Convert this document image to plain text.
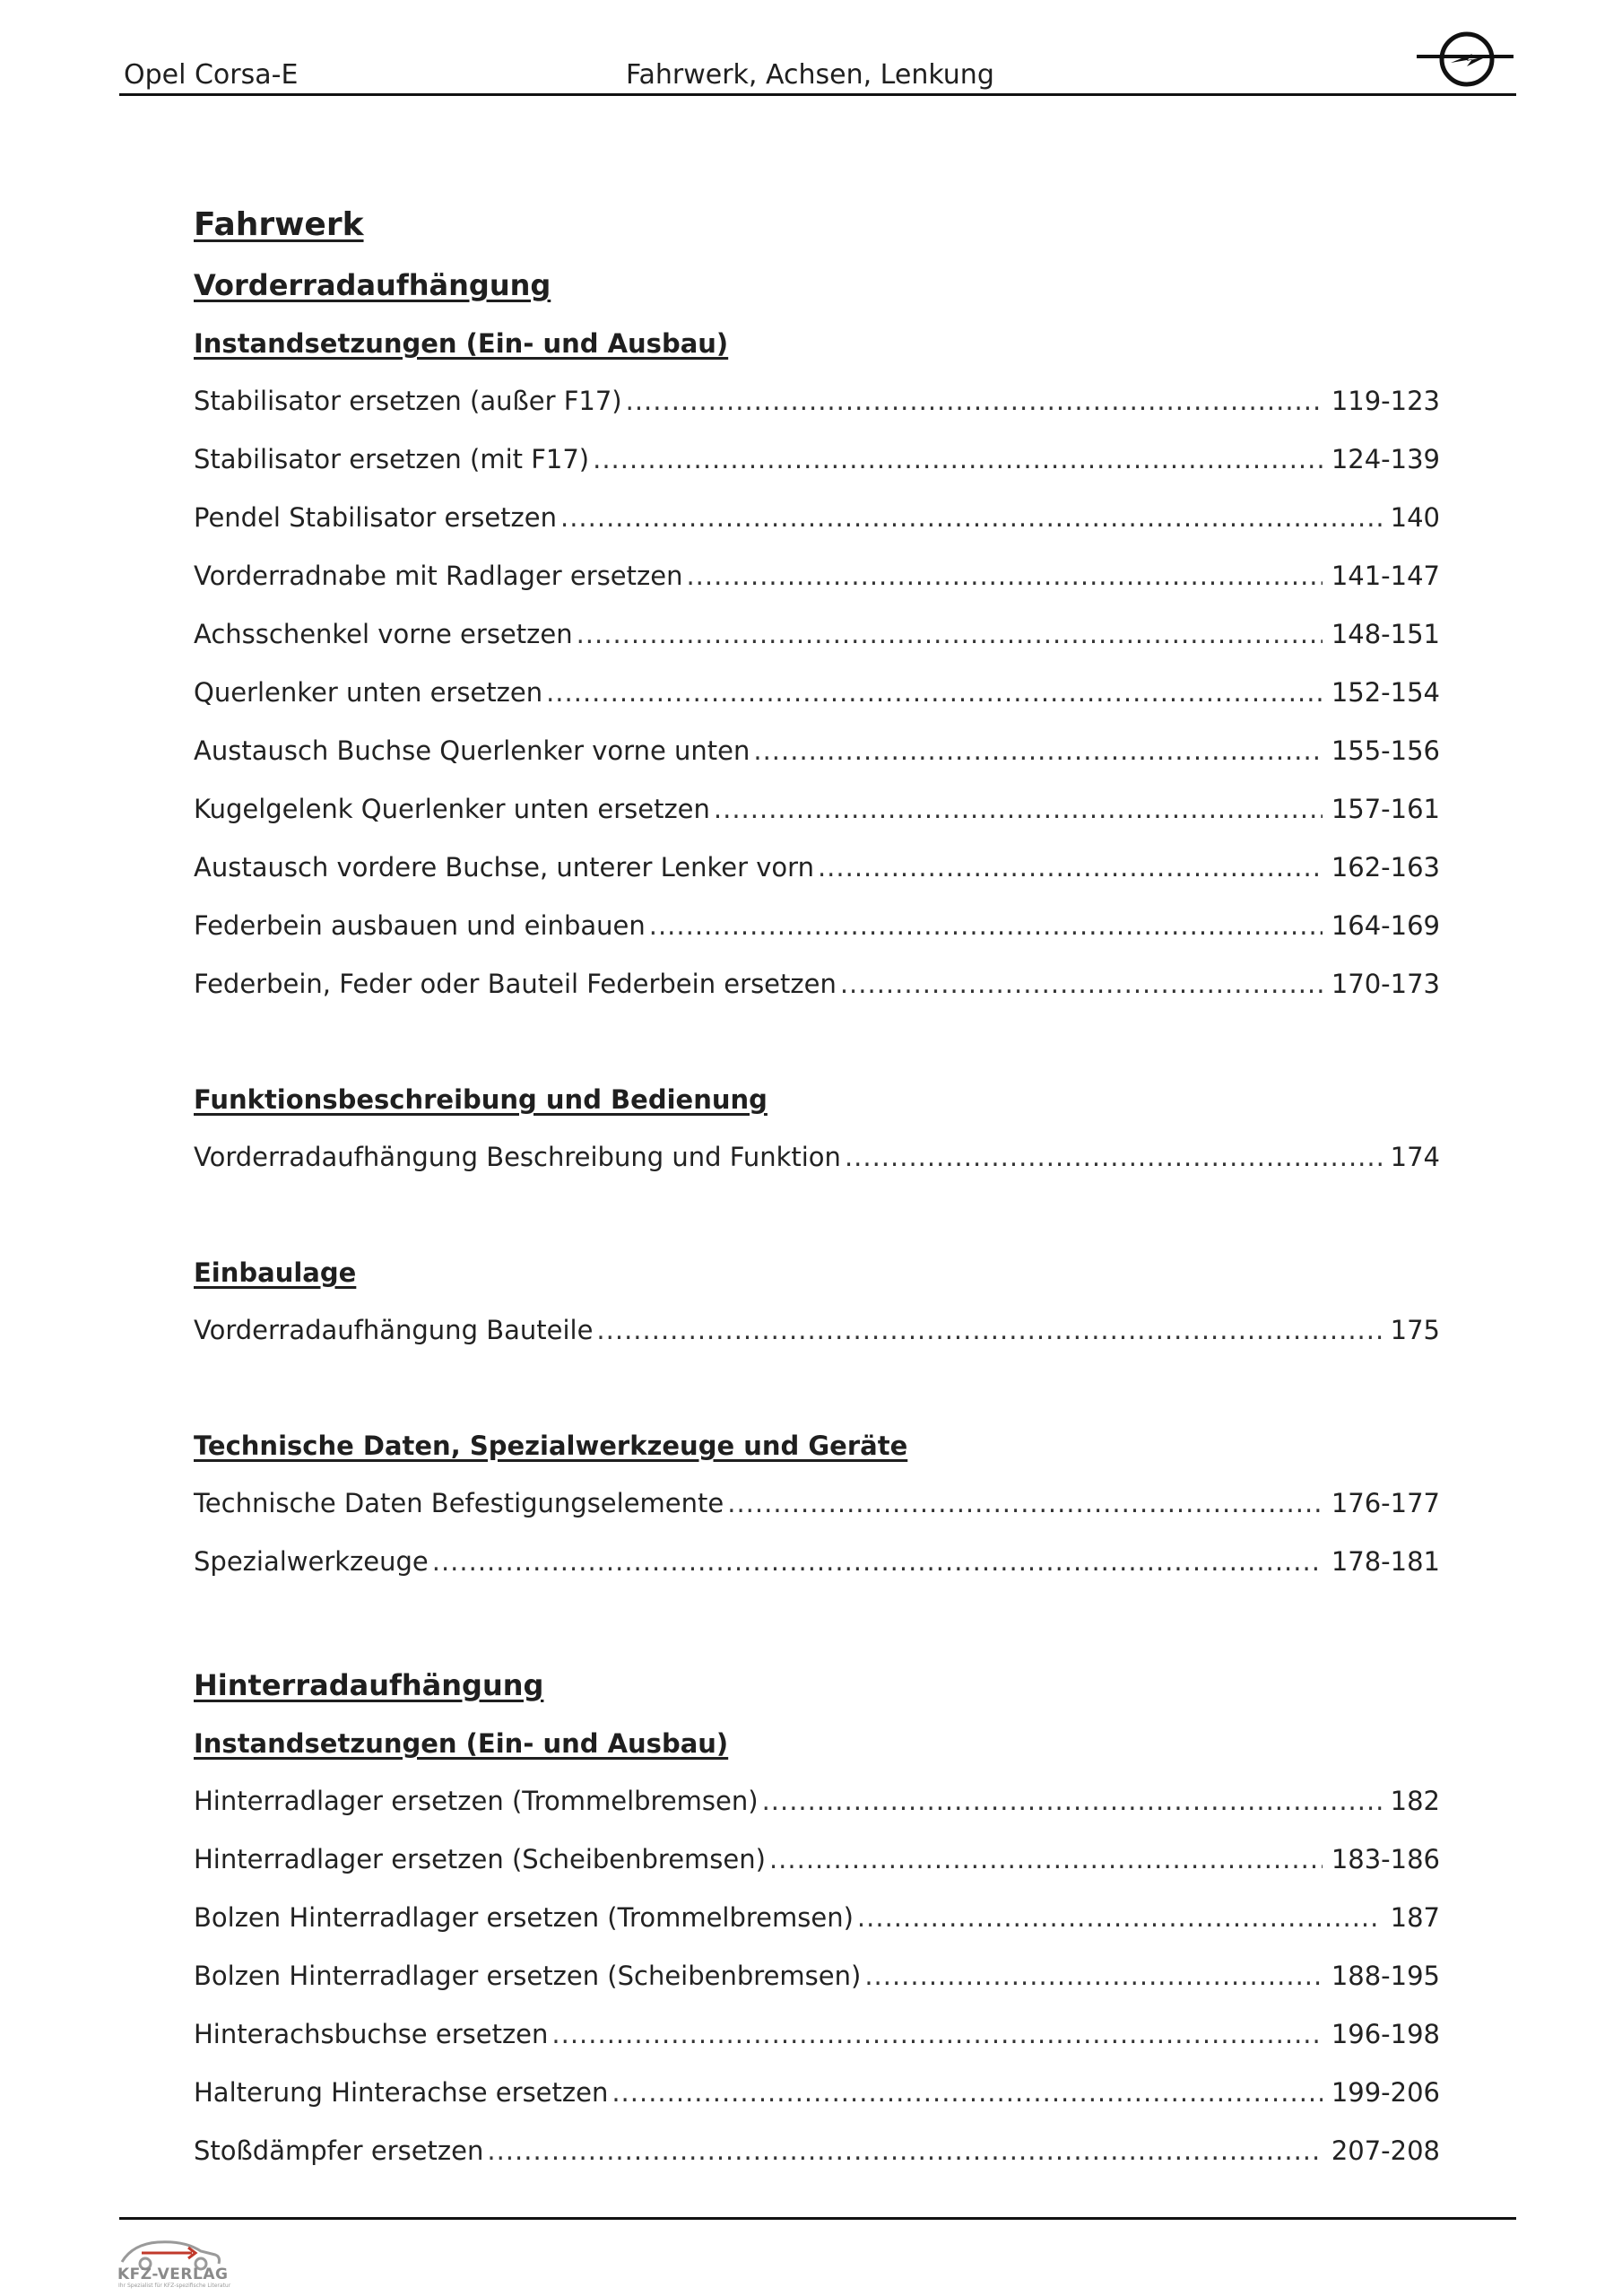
Opel Corsa-E	Fahrwerk, Achsen, Lenkung
Fahrwerk
Vorderradaufhängung
Instandsetzungen (Ein- und Ausbau)
Stabilisator ersetzen (außer F17) .....	119-123
Stabilisator ersetzen (mit F17) .....	124-139
Pendel Stabilisator ersetzen .....	140
Vorderradnabe mit Radlager ersetzen .....	141-147
Achsschenkel vorne ersetzen .....	148-151
Querlenker unten ersetzen .....	152-154
Austausch Buchse Querlenker vorne unten .....	155-156
Kugelgelenk Querlenker unten ersetzen .....	157-161
Austausch vordere Buchse, unterer Lenker vorn .....	162-163
Federbein ausbauen und einbauen .....	164-169
Federbein, Feder oder Bauteil Federbein ersetzen .....	170-173
Funktionsbeschreibung und Bedienung
Vorderradaufhängung Beschreibung und Funktion .....	174
Einbaulage
Vorderradaufhängung Bauteile .....	175
Technische Daten, Spezialwerkzeuge und Geräte
Technische Daten Befestigungselemente .....	176-177
Spezialwerkzeuge .....	178-181
Hinterradaufhängung
Instandsetzungen (Ein- und Ausbau)
Hinterradlager ersetzen (Trommelbremsen) .....	182
Hinterradlager ersetzen (Scheibenbremsen) .....	183-186
Bolzen Hinterradlager ersetzen (Trommelbremsen) .....	187
Bolzen Hinterradlager ersetzen (Scheibenbremsen) .....	188-195
Hinterachsbuchse ersetzen .....	196-198
Halterung Hinterachse ersetzen .....	199-206
Stoßdämpfer ersetzen .....	207-208
KFZ-VERLAG
Ihr Spezialist für KFZ-spezifische Literatur
